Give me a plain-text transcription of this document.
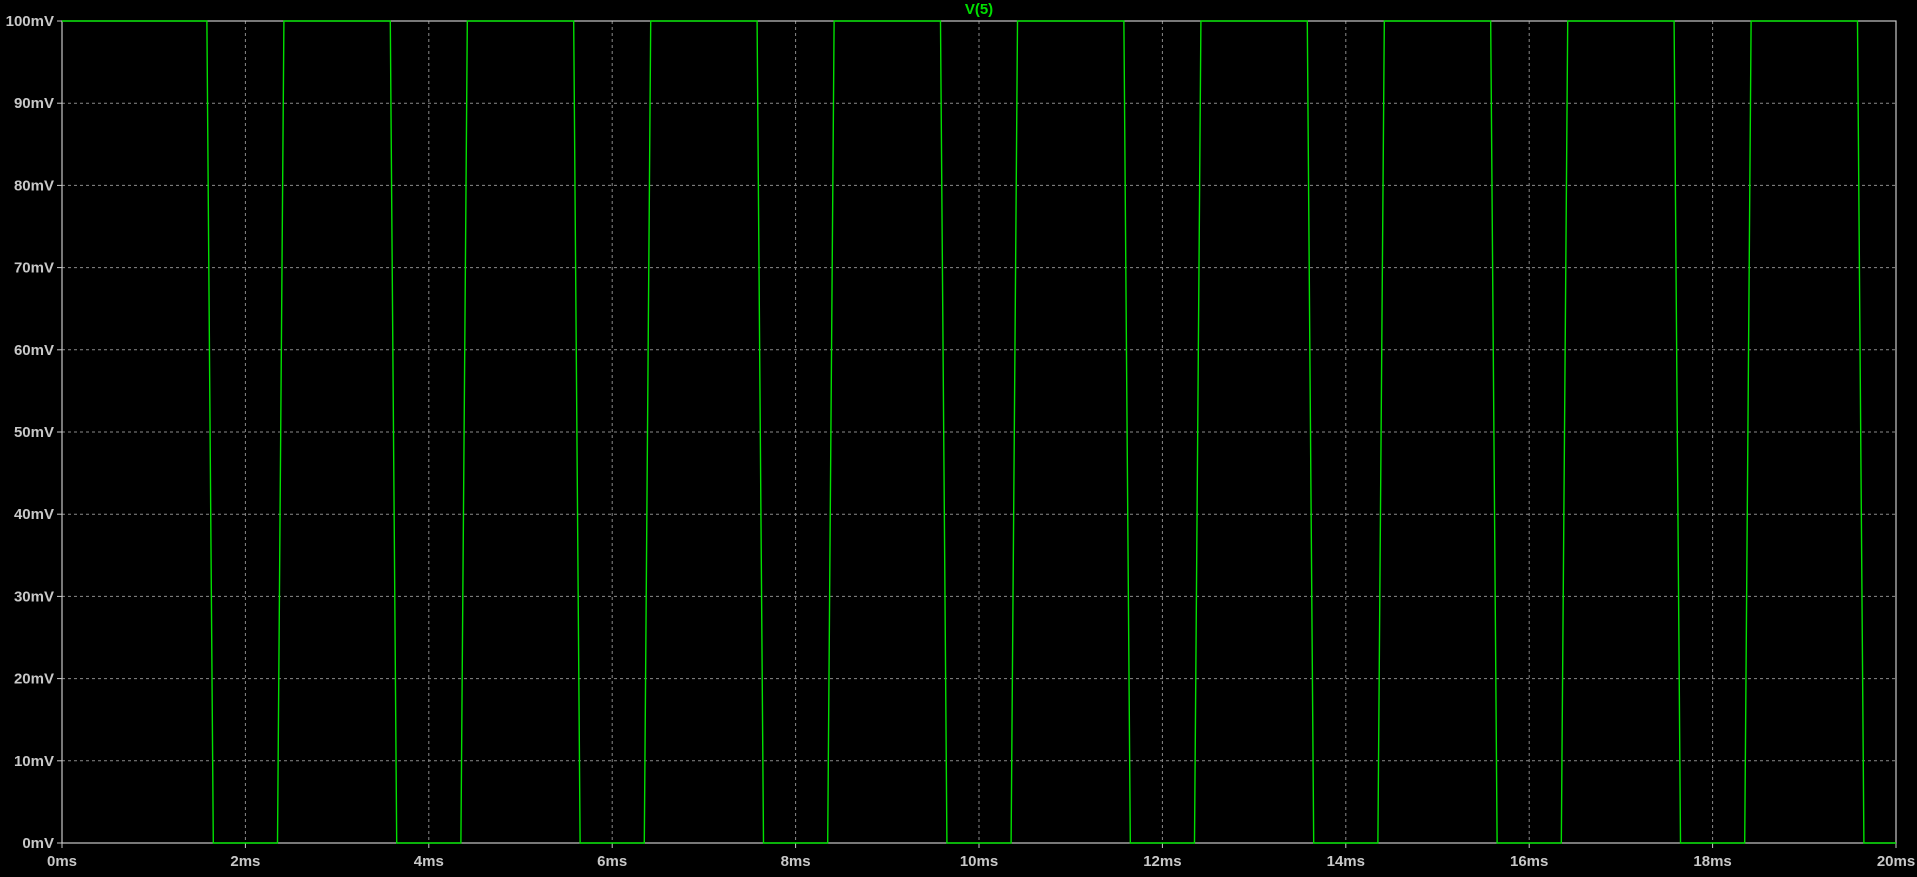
0ms	2ms	4ms	6ms	8ms	10ms	12ms	14ms	16ms	18ms	20ms
0mV
10mV
20mV
30mV
40mV
50mV
60mV
70mV
80mV
90mV
100mV
V(5)
